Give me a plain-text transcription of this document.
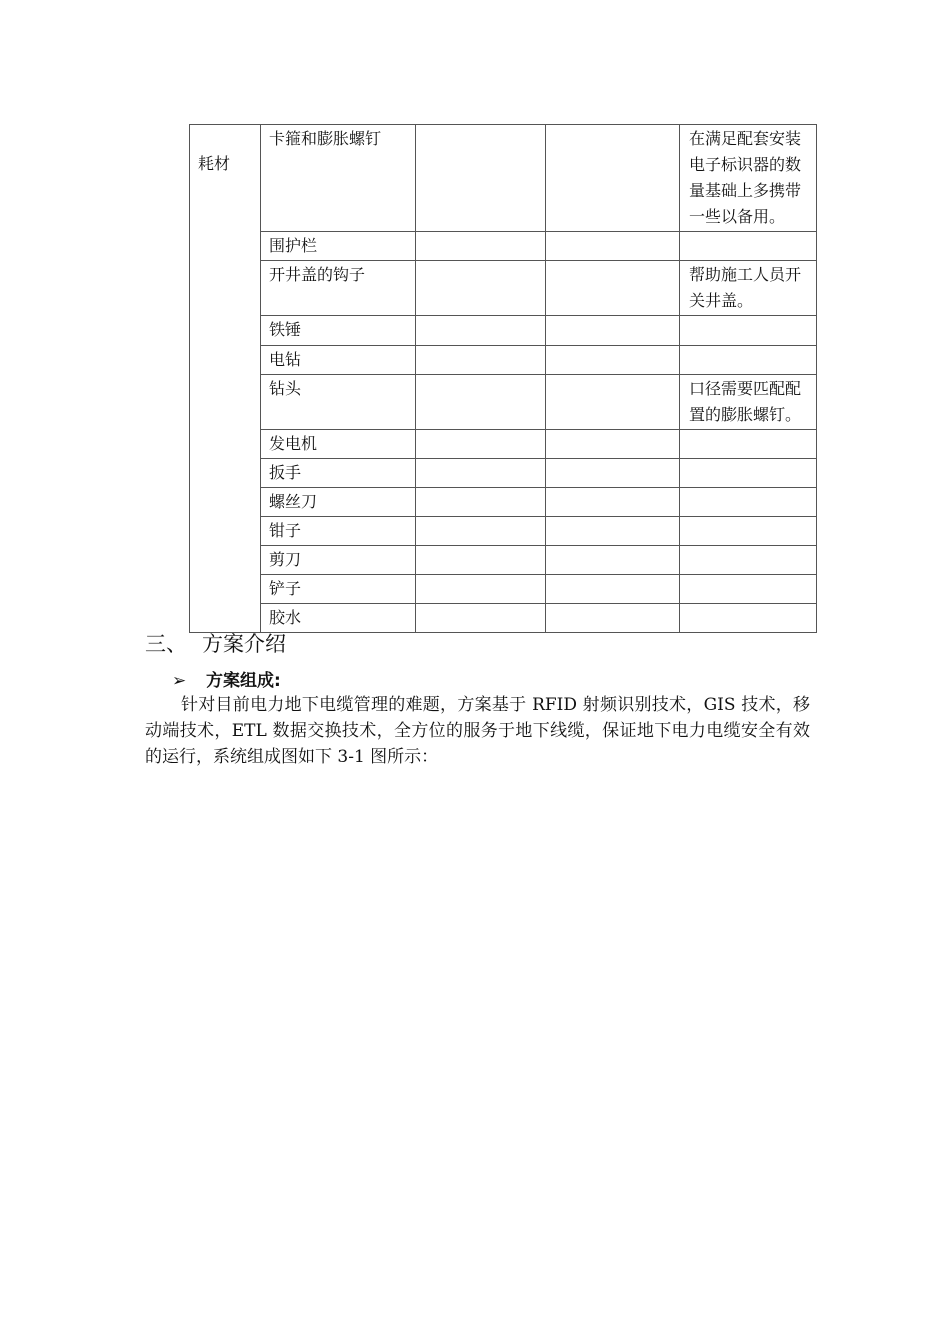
耗材	卡箍和膨胀螺钉			在满足配套安装电子标识器的数量基础上多携带一些以备用。
	围护栏			
	开井盖的钩子			帮助施工人员开关井盖。
	铁锤			
	电钻			
	钻头			口径需要匹配配置的膨胀螺钉。
	发电机			
	扳手			
	螺丝刀			
	钳子			
	剪刀			
	铲子			
	胶水			
三、 方案介绍
➢ 方案组成:

针对目前电力地下电缆管理的难题，方案基于 RFID 射频识别技术，GIS 技术，移动端技术，ETL 数据交换技术，全方位的服务于地下线缆，保证地下电力电缆安全有效的运行，系统组成图如下 3-1 图所示：
